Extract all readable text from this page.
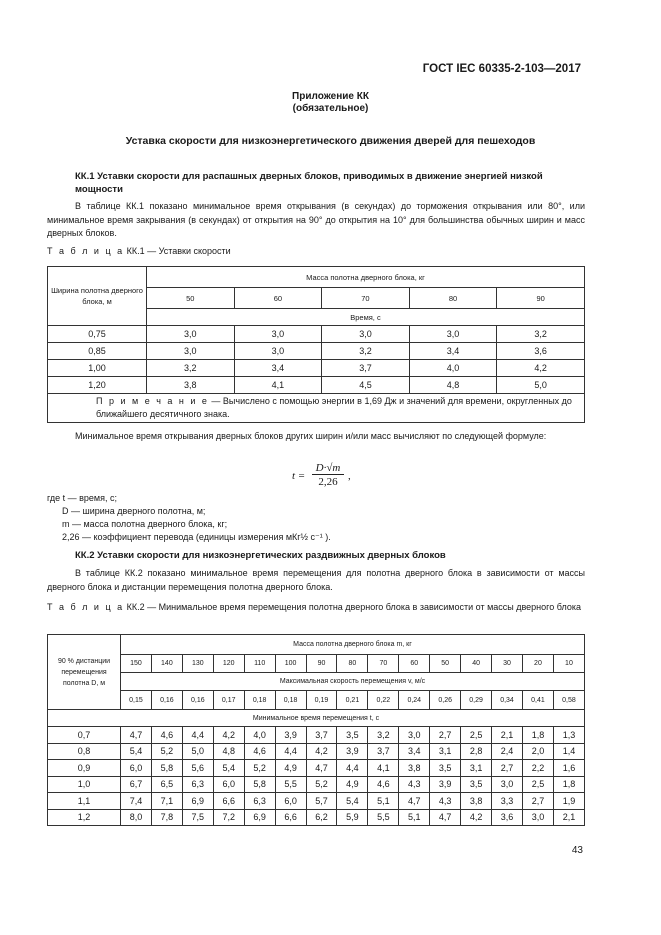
ГОСТ IEC 60335-2-103—2017
Приложение КК
(обязательное)
Уставка скорости для низкоэнергетического движения дверей для пешеходов
КК.1 Уставки скорости для распашных дверных блоков, приводимых в движение энергией низкой мощности
В таблице КК.1 показано минимальное время открывания (в секундах) до торможения открывания или 80°, или минимальное время закрывания (в секундах) от открытия на 90° до открытия на 10° для большинства обычных ширин и масс дверных блоков.
Т а б л и ц а КК.1 — Уставки скорости
Ширина полотна дверного блока, м	Масса полотна дверного блока, кг				
	50	60	70	80	90
	Время, с				
0,75	3,0	3,0	3,0	3,0	3,2
0,85	3,0	3,0	3,2	3,4	3,6
1,00	3,2	3,4	3,7	4,0	4,2
1,20	3,8	4,1	4,5	4,8	5,0
П р и м е ч а н и е — Вычислено с помощью энергии в 1,69 Дж и значений для времени, округленных до ближайшего десятичного знака.					
Минимальное время открывания дверных блоков других ширин и/или масс вычисляют по следующей формуле:
t =
D·√m
2,26 ,
где t — время, с;
D — ширина дверного полотна, м;
m — масса полотна дверного блока, кг;
2,26 — коэффициент перевода (единицы измерения мКг½ с⁻¹ ).
КК.2 Уставки скорости для низкоэнергетических раздвижных дверных блоков
В таблице КК.2 показано минимальное время перемещения для полотна дверного блока в зависимости от массы дверного блока и дистанции перемещения полотна дверного блока.
Т а б л и ц а КК.2 — Минимальное время перемещения полотна дверного блока в зависимости от массы дверного блока
90 % дистанции перемещения полотна D, м	Масса полотна дверного блока m, кг														
	150	140	130	120	110	100	90	80	70	60	50	40	30	20	10
	Максимальная скорость перемещения v, м/с														
	0,15	0,16	0,16	0,17	0,18	0,18	0,19	0,21	0,22	0,24	0,26	0,29	0,34	0,41	0,58
Минимальное время перемещения t, с															
0,7	4,7	4,6	4,4	4,2	4,0	3,9	3,7	3,5	3,2	3,0	2,7	2,5	2,1	1,8	1,3
0,8	5,4	5,2	5,0	4,8	4,6	4,4	4,2	3,9	3,7	3,4	3,1	2,8	2,4	2,0	1,4
0,9	6,0	5,8	5,6	5,4	5,2	4,9	4,7	4,4	4,1	3,8	3,5	3,1	2,7	2,2	1,6
1,0	6,7	6,5	6,3	6,0	5,8	5,5	5,2	4,9	4,6	4,3	3,9	3,5	3,0	2,5	1,8
1,1	7,4	7,1	6,9	6,6	6,3	6,0	5,7	5,4	5,1	4,7	4,3	3,8	3,3	2,7	1,9
1,2	8,0	7,8	7,5	7,2	6,9	6,6	6,2	5,9	5,5	5,1	4,7	4,2	3,6	3,0	2,1
43
